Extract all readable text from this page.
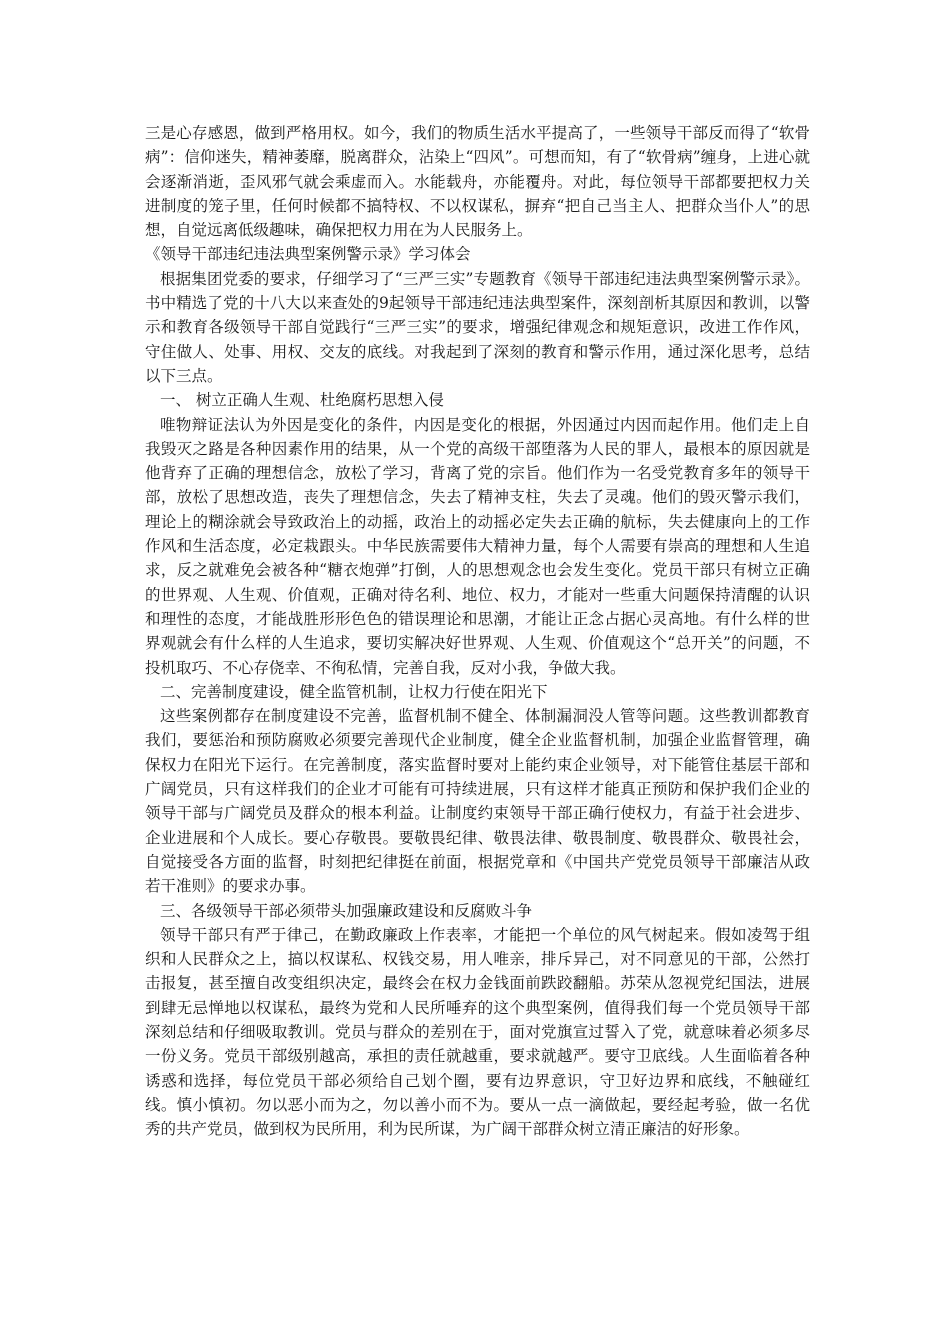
三是心存感恩，做到严格用权。如今，我们的物质生活水平提高了，一些领导干部反而得了“软骨病”：信仰迷失，精神萎靡，脱离群众，沾染上“四风”。可想而知，有了“软骨病”缠身，上进心就会逐渐消逝，歪风邪气就会乘虚而入。水能载舟，亦能覆舟。对此，每位领导干部都要把权力关进制度的笼子里，任何时候都不搞特权、不以权谋私，摒弃“把自己当主人、把群众当仆人”的思想，自觉远离低级趣味，确保把权力用在为人民服务上。

《领导干部违纪违法典型案例警示录》学习体会

根据集团党委的要求，仔细学习了“三严三实”专题教育《领导干部违纪违法典型案例警示录》。书中精选了党的十八大以来查处的9起领导干部违纪违法典型案件，深刻剖析其原因和教训，以警示和教育各级领导干部自觉践行“三严三实”的要求，增强纪律观念和规矩意识，改进工作作风，守住做人、处事、用权、交友的底线。对我起到了深刻的教育和警示作用，通过深化思考，总结以下三点。

一、 树立正确人生观、杜绝腐朽思想入侵

唯物辩证法认为外因是变化的条件，内因是变化的根据，外因通过内因而起作用。他们走上自我毁灭之路是各种因素作用的结果，从一个党的高级干部堕落为人民的罪人，最根本的原因就是他背弃了正确的理想信念，放松了学习，背离了党的宗旨。他们作为一名受党教育多年的领导干部，放松了思想改造，丧失了理想信念，失去了精神支柱，失去了灵魂。他们的毁灭警示我们，理论上的糊涂就会导致政治上的动摇，政治上的动摇必定失去正确的航标，失去健康向上的工作作风和生活态度，必定栽跟头。中华民族需要伟大精神力量，每个人需要有崇高的理想和人生追求，反之就难免会被各种“糖衣炮弹”打倒，人的思想观念也会发生变化。党员干部只有树立正确的世界观、人生观、价值观，正确对待名利、地位、权力，才能对一些重大问题保持清醒的认识和理性的态度，才能战胜形形色色的错误理论和思潮，才能让正念占据心灵高地。有什么样的世界观就会有什么样的人生追求，要切实解决好世界观、人生观、价值观这个“总开关”的问题，不投机取巧、不心存侥幸、不徇私情，完善自我，反对小我，争做大我。

二、完善制度建设，健全监管机制，让权力行使在阳光下

这些案例都存在制度建设不完善，监督机制不健全、体制漏洞没人管等问题。这些教训都教育我们，要惩治和预防腐败必须要完善现代企业制度，健全企业监督机制，加强企业监督管理，确保权力在阳光下运行。在完善制度，落实监督时要对上能约束企业领导，对下能管住基层干部和广阔党员，只有这样我们的企业才可能有可持续进展，只有这样才能真正预防和保护我们企业的领导干部与广阔党员及群众的根本利益。让制度约束领导干部正确行使权力，有益于社会进步、企业进展和个人成长。要心存敬畏。要敬畏纪律、敬畏法律、敬畏制度、敬畏群众、敬畏社会，自觉接受各方面的监督，时刻把纪律挺在前面，根据党章和《中国共产党党员领导干部廉洁从政若干准则》的要求办事。

三、各级领导干部必须带头加强廉政建设和反腐败斗争

领导干部只有严于律己，在勤政廉政上作表率，才能把一个单位的风气树起来。假如凌驾于组织和人民群众之上，搞以权谋私、权钱交易，用人唯亲，排斥异己，对不同意见的干部，公然打击报复，甚至擅自改变组织决定，最终会在权力金钱面前跌跤翻船。苏荣从忽视党纪国法，进展到肆无忌惮地以权谋私，最终为党和人民所唾弃的这个典型案例，值得我们每一个党员领导干部深刻总结和仔细吸取教训。党员与群众的差别在于，面对党旗宣过誓入了党，就意味着必须多尽一份义务。党员干部级别越高，承担的责任就越重，要求就越严。要守卫底线。人生面临着各种诱惑和选择，每位党员干部必须给自己划个圈，要有边界意识，守卫好边界和底线，不触碰红线。慎小慎初。勿以恶小而为之，勿以善小而不为。要从一点一滴做起，要经起考验，做一名优秀的共产党员，做到权为民所用，利为民所谋，为广阔干部群众树立清正廉洁的好形象。
